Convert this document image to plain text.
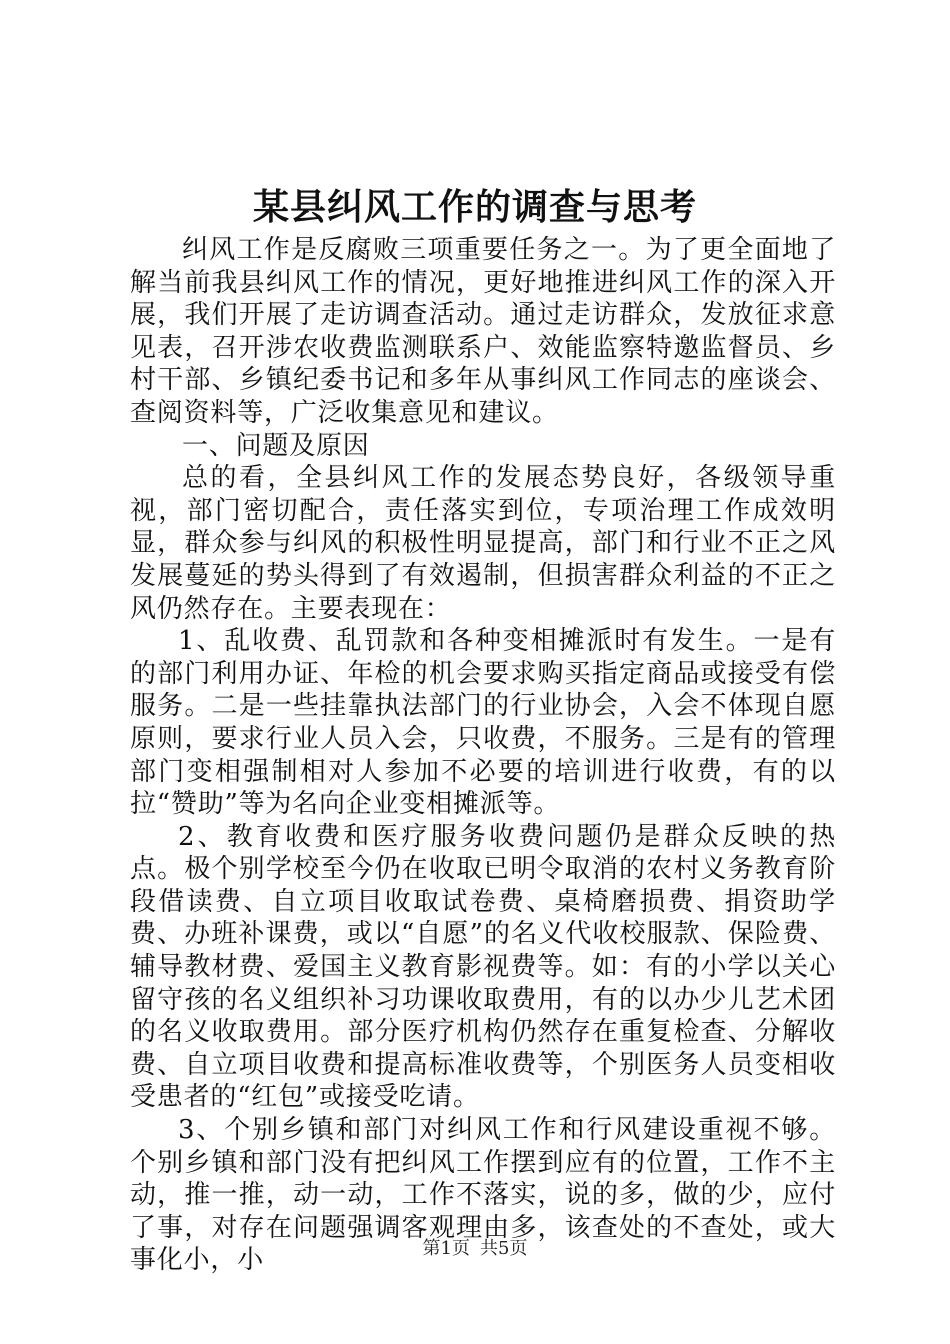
某县纠风工作的调查与思考

纠风工作是反腐败三项重要任务之一。为了更全面地了解当前我县纠风工作的情况，更好地推进纠风工作的深入开展，我们开展了走访调查活动。通过走访群众，发放征求意见表，召开涉农收费监测联系户、效能监察特邀监督员、乡村干部、乡镇纪委书记和多年从事纠风工作同志的座谈会、查阅资料等，广泛收集意见和建议。

一、问题及原因

总的看，全县纠风工作的发展态势良好，各级领导重视，部门密切配合，责任落实到位，专项治理工作成效明显，群众参与纠风的积极性明显提高，部门和行业不正之风发展蔓延的势头得到了有效遏制，但损害群众利益的不正之风仍然存在。主要表现在：

1、乱收费、乱罚款和各种变相摊派时有发生。一是有的部门利用办证、年检的机会要求购买指定商品或接受有偿服务。二是一些挂靠执法部门的行业协会，入会不体现自愿原则，要求行业人员入会，只收费，不服务。三是有的管理部门变相强制相对人参加不必要的培训进行收费，有的以拉“赞助”等为名向企业变相摊派等。

2、教育收费和医疗服务收费问题仍是群众反映的热点。极个别学校至今仍在收取已明令取消的农村义务教育阶段借读费、自立项目收取试卷费、桌椅磨损费、捐资助学费、办班补课费，或以“自愿”的名义代收校服款、保险费、辅导教材费、爱国主义教育影视费等。如：有的小学以关心留守孩的名义组织补习功课收取费用，有的以办少儿艺术团的名义收取费用。部分医疗机构仍然存在重复检查、分解收费、自立项目收费和提高标准收费等，个别医务人员变相收受患者的“红包”或接受吃请。

3、个别乡镇和部门对纠风工作和行风建设重视不够。个别乡镇和部门没有把纠风工作摆到应有的位置，工作不主动，推一推，动一动，工作不落实，说的多，做的少，应付了事，对存在问题强调客观理由多，该查处的不查处，或大事化小，小	第1页 共5页
